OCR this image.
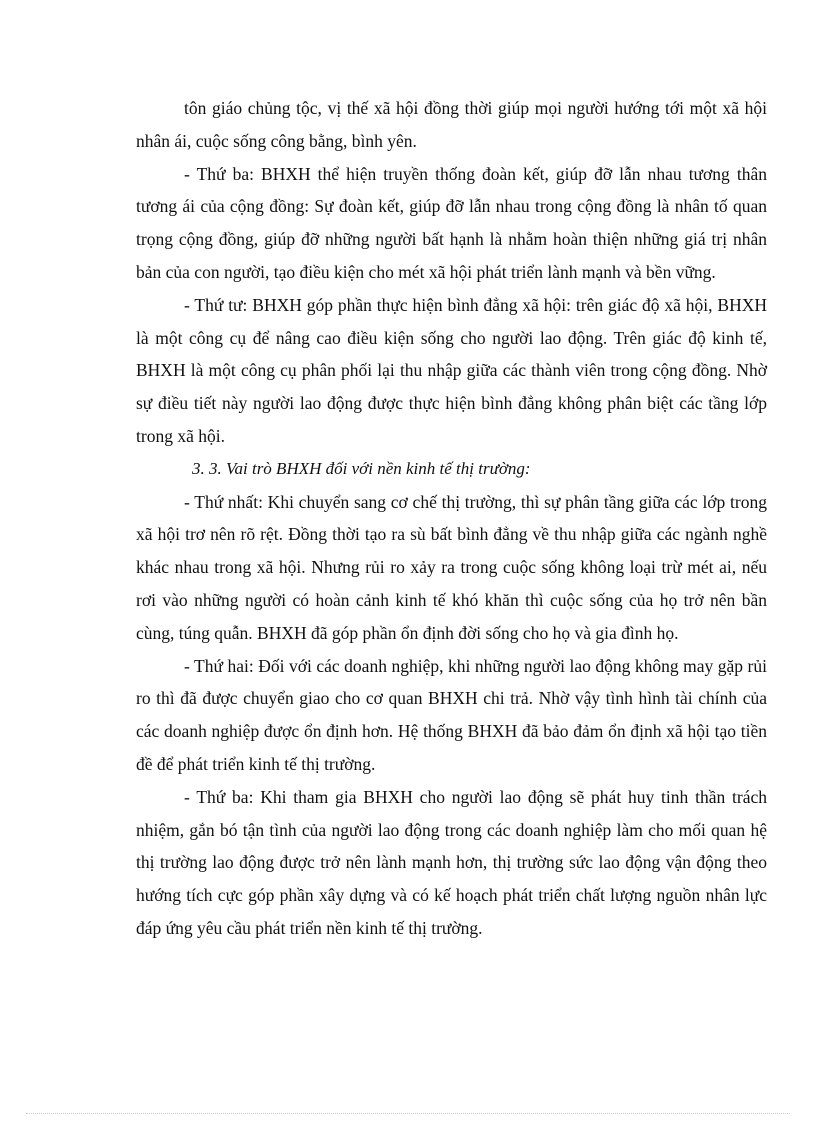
tôn giáo chủng tộc, vị thế xã hội đồng thời giúp mọi người hướng tới một xã hội nhân ái, cuộc sống công bằng, bình yên.

- Thứ ba: BHXH thể hiện truyền thống đoàn kết, giúp đỡ lẫn nhau tương thân tương ái của cộng đồng: Sự đoàn kết, giúp đỡ lẫn nhau trong cộng đồng là nhân tố quan trọng cộng đồng, giúp đỡ những người bất hạnh là nhằm hoàn thiện những giá trị nhân bản của con người, tạo điều kiện cho mét xã hội phát triển lành mạnh và bền vững.

- Thứ tư: BHXH góp phần thực hiện bình đẳng xã hội: trên giác độ xã hội, BHXH là một công cụ để nâng cao điều kiện sống cho người lao động. Trên giác độ kinh tế, BHXH là một công cụ phân phối lại thu nhập giữa các thành viên trong cộng đồng. Nhờ sự điều tiết này người lao động được thực hiện bình đẳng không phân biệt các tầng lớp trong xã hội.

3. 3. Vai trò BHXH đối với nền kinh tế thị trường:

- Thứ nhất: Khi chuyển sang cơ chế thị trường, thì sự phân tầng giữa các lớp trong xã hội trơ nên rõ rệt. Đồng thời tạo ra sù bất bình đẳng về thu nhập giữa các ngành nghề khác nhau trong xã hội. Nhưng rủi ro xảy ra trong cuộc sống không loại trừ mét ai, nếu rơi vào những người có hoàn cảnh kinh tế khó khăn thì cuộc sống của họ trở nên bần cùng, túng quẫn. BHXH đã góp phần ổn định đời sống cho họ và gia đình họ.

- Thứ hai: Đối với các doanh nghiệp, khi những người lao động không may gặp rủi ro thì đã được chuyển giao cho cơ quan BHXH chi trả. Nhờ vậy tình hình tài chính của các doanh nghiệp được ổn định hơn. Hệ thống BHXH đã bảo đảm ổn định xã hội tạo tiền đề để phát triển kinh tế thị trường.

- Thứ ba: Khi tham gia BHXH cho người lao động sẽ phát huy tinh thần trách nhiệm, gắn bó tận tình của người lao động trong các doanh nghiệp làm cho mối quan hệ thị trường lao động được trở nên lành mạnh hơn, thị trường sức lao động vận động theo hướng tích cực góp phần xây dựng và có kế hoạch phát triển chất lượng nguồn nhân lực đáp ứng yêu cầu phát triển nền kinh tế thị trường.
